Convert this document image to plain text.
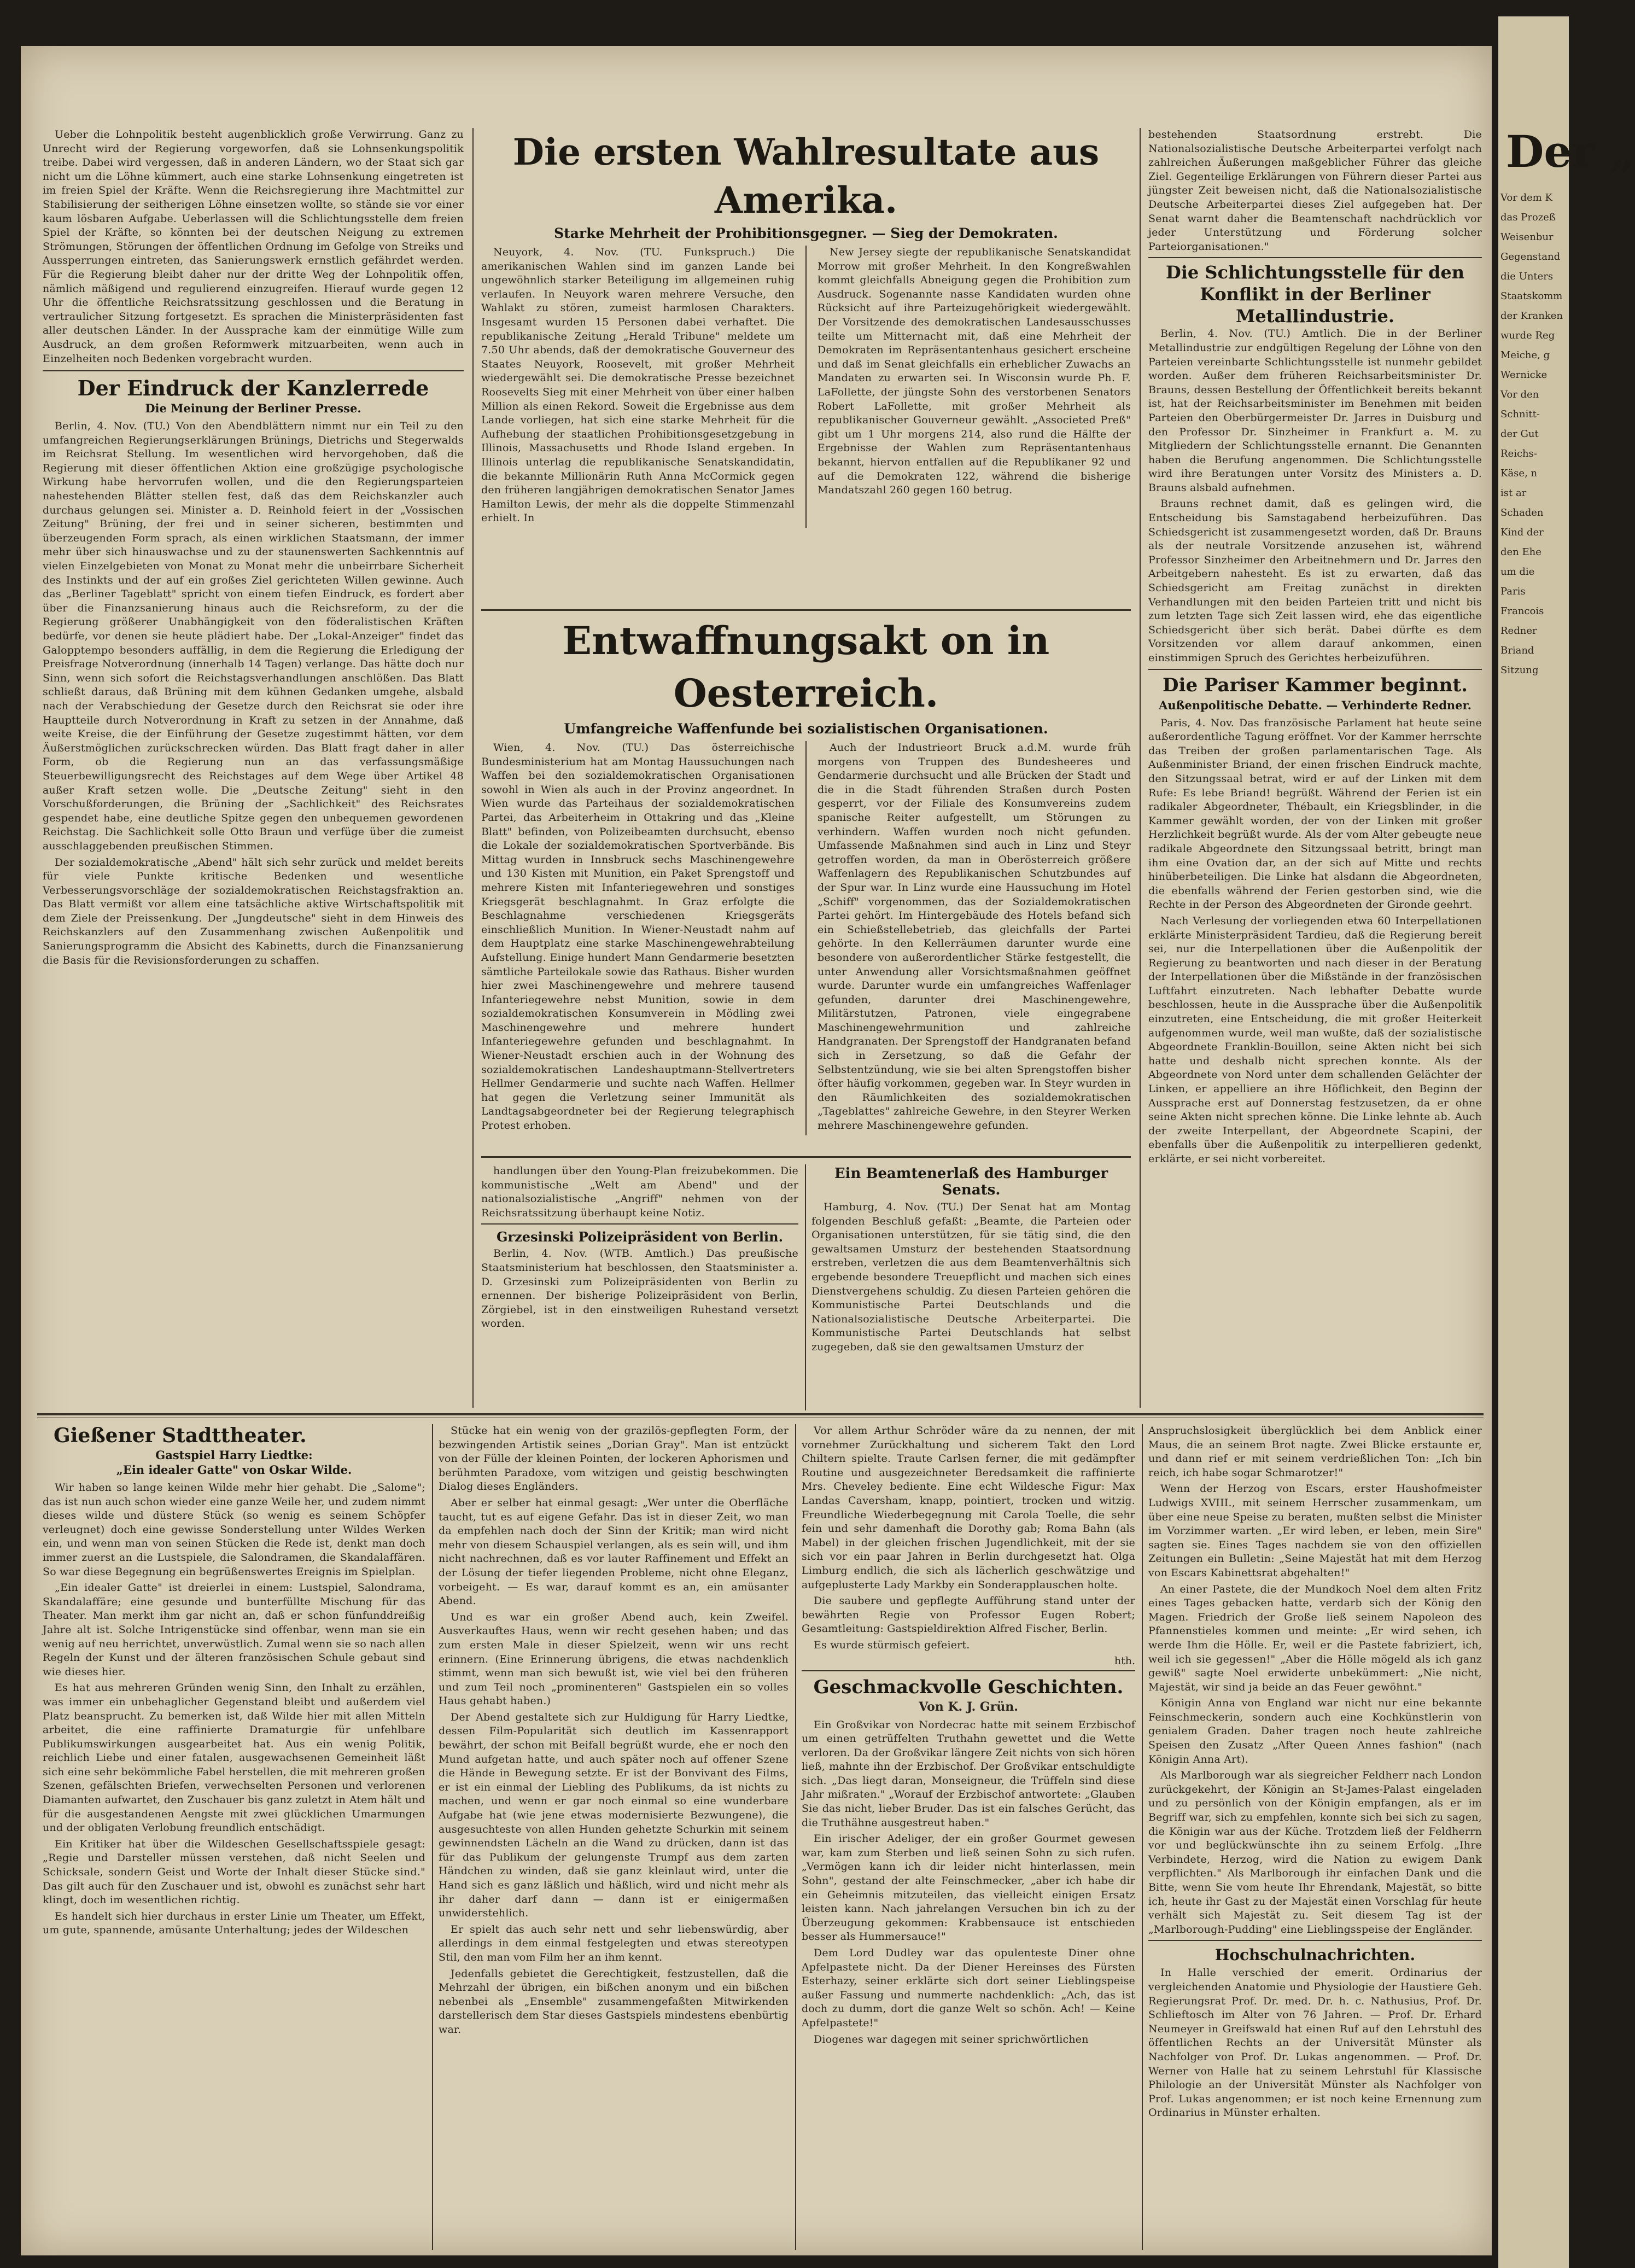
Ueber die Lohnpolitik besteht augenblicklich große Verwirrung. Ganz zu Unrecht wird der Regierung vorgeworfen, daß sie Lohnsenkungspolitik treibe. Dabei wird vergessen, daß in anderen Ländern, wo der Staat sich gar nicht um die Löhne kümmert, auch eine starke Lohnsenkung eingetreten ist im freien Spiel der Kräfte. Wenn die Reichsregierung ihre Machtmittel zur Stabilisierung der seitherigen Löhne einsetzen wollte, so stände sie vor einer kaum lösbaren Aufgabe. Ueberlassen will die Schlichtungsstelle dem freien Spiel der Kräfte, so könnten bei der deutschen Neigung zu extremen Strömungen, Störungen der öffentlichen Ordnung im Gefolge von Streiks und Aussperrungen eintreten, das Sanierungswerk ernstlich gefährdet werden. Für die Regierung bleibt daher nur der dritte Weg der Lohnpolitik offen, nämlich mäßigend und regulierend einzugreifen. Hierauf wurde gegen 12 Uhr die öffentliche Reichsratssitzung geschlossen und die Beratung in vertraulicher Sitzung fortgesetzt. Es sprachen die Ministerpräsidenten fast aller deutschen Länder. In der Aussprache kam der einmütige Wille zum Ausdruck, an dem großen Reformwerk mitzuarbeiten, wenn auch in Einzelheiten noch Bedenken vorgebracht wurden.

Der Eindruck der Kanzlerrede
Die Meinung der Berliner Presse.

Berlin, 4. Nov. (TU.) Von den Abendblättern nimmt nur ein Teil zu den umfangreichen Regierungserklärungen Brünings, Dietrichs und Stegerwalds im Reichsrat Stellung. Im wesentlichen wird hervorgehoben, daß die Regierung mit dieser öffentlichen Aktion eine großzügige psychologische Wirkung habe hervorrufen wollen, und die den Regierungsparteien nahestehenden Blätter stellen fest, daß das dem Reichskanzler auch durchaus gelungen sei. Minister a. D. Reinhold feiert in der „Vossischen Zeitung" Brüning, der frei und in seiner sicheren, bestimmten und überzeugenden Form sprach, als einen wirklichen Staatsmann, der immer mehr über sich hinauswachse und zu der staunenswerten Sachkenntnis auf vielen Einzelgebieten von Monat zu Monat mehr die unbeirrbare Sicherheit des Instinkts und der auf ein großes Ziel gerichteten Willen gewinne. Auch das „Berliner Tageblatt" spricht von einem tiefen Eindruck, es fordert aber über die Finanzsanierung hinaus auch die Reichsreform, zu der die Regierung größerer Unabhängigkeit von den föderalistischen Kräften bedürfe, vor denen sie heute plädiert habe. Der „Lokal-Anzeiger" findet das Galopptempo besonders auffällig, in dem die Regierung die Erledigung der Preisfrage Notverordnung (innerhalb 14 Tagen) verlange. Das hätte doch nur Sinn, wenn sich sofort die Reichstagsverhandlungen anschlößen. Das Blatt schließt daraus, daß Brüning mit dem kühnen Gedanken umgehe, alsbald nach der Verabschiedung der Gesetze durch den Reichsrat sie oder ihre Hauptteile durch Notverordnung in Kraft zu setzen in der Annahme, daß weite Kreise, die der Einführung der Gesetze zugestimmt hätten, vor dem Äußerstmöglichen zurückschrecken würden. Das Blatt fragt daher in aller Form, ob die Regierung nun an das verfassungsmäßige Steuerbewilligungsrecht des Reichstages auf dem Wege über Artikel 48 außer Kraft setzen wolle. Die „Deutsche Zeitung" sieht in den Vorschußforderungen, die Brüning der „Sachlichkeit" des Reichsrates gespendet habe, eine deutliche Spitze gegen den unbequemen gewordenen Reichstag. Die Sachlichkeit solle Otto Braun und verfüge über die zumeist ausschlaggebenden preußischen Stimmen.

Der sozialdemokratische „Abend" hält sich sehr zurück und meldet bereits für viele Punkte kritische Bedenken und wesentliche Verbesserungsvorschläge der sozialdemokratischen Reichstagsfraktion an. Das Blatt vermißt vor allem eine tatsächliche aktive Wirtschaftspolitik mit dem Ziele der Preissenkung. Der „Jungdeutsche" sieht in dem Hinweis des Reichskanzlers auf den Zusammenhang zwischen Außenpolitik und Sanierungsprogramm die Absicht des Kabinetts, durch die Finanzsanierung die Basis für die Revisionsforderungen zu schaffen.

Die ersten Wahlresultate aus Amerika.
Starke Mehrheit der Prohibitionsgegner. — Sieg der Demokraten.

Neuyork, 4. Nov. (TU. Funkspruch.) Die amerikanischen Wahlen sind im ganzen Lande bei ungewöhnlich starker Beteiligung im allgemeinen ruhig verlaufen. In Neuyork waren mehrere Versuche, den Wahlakt zu stören, zumeist harmlosen Charakters. Insgesamt wurden 15 Personen dabei verhaftet. Die republikanische Zeitung „Herald Tribune" meldete um 7.50 Uhr abends, daß der demokratische Gouverneur des Staates Neuyork, Roosevelt, mit großer Mehrheit wiedergewählt sei. Die demokratische Presse bezeichnet Roosevelts Sieg mit einer Mehrheit von über einer halben Million als einen Rekord. Soweit die Ergebnisse aus dem Lande vorliegen, hat sich eine starke Mehrheit für die Aufhebung der staatlichen Prohibitionsgesetzgebung in Illinois, Massachusetts und Rhode Island ergeben. In Illinois unterlag die republikanische Senatskandidatin, die bekannte Millionärin Ruth Anna McCormick gegen den früheren langjährigen demokratischen Senator James Hamilton Lewis, der mehr als die doppelte Stimmenzahl erhielt. In

New Jersey siegte der republikanische Senatskandidat Morrow mit großer Mehrheit. In den Kongreßwahlen kommt gleichfalls Abneigung gegen die Prohibition zum Ausdruck. Sogenannte nasse Kandidaten wurden ohne Rücksicht auf ihre Parteizugehörigkeit wiedergewählt. Der Vorsitzende des demokratischen Landesausschusses teilte um Mitternacht mit, daß eine Mehrheit der Demokraten im Repräsentantenhaus gesichert erscheine und daß im Senat gleichfalls ein erheblicher Zuwachs an Mandaten zu erwarten sei. In Wisconsin wurde Ph. F. LaFollette, der jüngste Sohn des verstorbenen Senators Robert LaFollette, mit großer Mehrheit als republikanischer Gouverneur gewählt. „Associeted Preß" gibt um 1 Uhr morgens 214, also rund die Hälfte der Ergebnisse der Wahlen zum Repräsentantenhaus bekannt, hiervon entfallen auf die Republikaner 92 und auf die Demokraten 122, während die bisherige Mandatszahl 260 gegen 160 betrug.

Entwaffnungsakt on in Oesterreich.
Umfangreiche Waffenfunde bei sozialistischen Organisationen.

Wien, 4. Nov. (TU.) Das österreichische Bundesministerium hat am Montag Haussuchungen nach Waffen bei den sozialdemokratischen Organisationen sowohl in Wien als auch in der Provinz angeordnet. In Wien wurde das Parteihaus der sozialdemokratischen Partei, das Arbeiterheim in Ottakring und das „Kleine Blatt" befinden, von Polizeibeamten durchsucht, ebenso die Lokale der sozialdemokratischen Sportverbände. Bis Mittag wurden in Innsbruck sechs Maschinengewehre und 130 Kisten mit Munition, ein Paket Sprengstoff und mehrere Kisten mit Infanteriegewehren und sonstiges Kriegsgerät beschlagnahmt. In Graz erfolgte die Beschlagnahme verschiedenen Kriegsgeräts einschließlich Munition. In Wiener-Neustadt nahm auf dem Hauptplatz eine starke Maschinengewehrabteilung Aufstellung. Einige hundert Mann Gendarmerie besetzten sämtliche Parteilokale sowie das Rathaus. Bisher wurden hier zwei Maschinengewehre und mehrere tausend Infanteriegewehre nebst Munition, sowie in dem sozialdemokratischen Konsumverein in Mödling zwei Maschinengewehre und mehrere hundert Infanteriegewehre gefunden und beschlagnahmt. In Wiener-Neustadt erschien auch in der Wohnung des sozialdemokratischen Landeshauptmann-Stellvertreters Hellmer Gendarmerie und suchte nach Waffen. Hellmer hat gegen die Verletzung seiner Immunität als Landtagsabgeordneter bei der Regierung telegraphisch Protest erhoben.

Auch der Industrieort Bruck a.d.M. wurde früh morgens von Truppen des Bundesheeres und Gendarmerie durchsucht und alle Brücken der Stadt und die in die Stadt führenden Straßen durch Posten gesperrt, vor der Filiale des Konsumvereins zudem spanische Reiter aufgestellt, um Störungen zu verhindern. Waffen wurden noch nicht gefunden. Umfassende Maßnahmen sind auch in Linz und Steyr getroffen worden, da man in Oberösterreich größere Waffenlagern des Republikanischen Schutzbundes auf der Spur war. In Linz wurde eine Haussuchung im Hotel „Schiff" vorgenommen, das der Sozialdemokratischen Partei gehört. Im Hintergebäude des Hotels befand sich ein Schießstellebetrieb, das gleichfalls der Partei gehörte. In den Kellerräumen darunter wurde eine besondere von außerordentlicher Stärke festgestellt, die unter Anwendung aller Vorsichtsmaßnahmen geöffnet wurde. Darunter wurde ein umfangreiches Waffenlager gefunden, darunter drei Maschinengewehre, Militärstutzen, Patronen, viele eingegrabene Maschinengewehrmunition und zahlreiche Handgranaten. Der Sprengstoff der Handgranaten befand sich in Zersetzung, so daß die Gefahr der Selbstentzündung, wie sie bei alten Sprengstoffen bisher öfter häufig vorkommen, gegeben war. In Steyr wurden in den Räumlichkeiten des sozialdemokratischen „Tageblattes" zahlreiche Gewehre, in den Steyrer Werken mehrere Maschinengewehre gefunden.

handlungen über den Young-Plan freizubekommen. Die kommunistische „Welt am Abend" und der nationalsozialistische „Angriff" nehmen von der Reichsratssitzung überhaupt keine Notiz.

Grzesinski Polizeipräsident von Berlin.

Berlin, 4. Nov. (WTB. Amtlich.) Das preußische Staatsministerium hat beschlossen, den Staatsminister a. D. Grzesinski zum Polizeipräsidenten von Berlin zu ernennen. Der bisherige Polizeipräsident von Berlin, Zörgiebel, ist in den einstweiligen Ruhestand versetzt worden.

Ein Beamtenerlaß des Hamburger Senats.

Hamburg, 4. Nov. (TU.) Der Senat hat am Montag folgenden Beschluß gefaßt: „Beamte, die Parteien oder Organisationen unterstützen, für sie tätig sind, die den gewaltsamen Umsturz der bestehenden Staatsordnung erstreben, verletzen die aus dem Beamtenverhältnis sich ergebende besondere Treuepflicht und machen sich eines Dienstvergehens schuldig. Zu diesen Parteien gehören die Kommunistische Partei Deutschlands und die Nationalsozialistische Deutsche Arbeiterpartei. Die Kommunistische Partei Deutschlands hat selbst zugegeben, daß sie den gewaltsamen Umsturz der

bestehenden Staatsordnung erstrebt. Die Nationalsozialistische Deutsche Arbeiterpartei verfolgt nach zahlreichen Äußerungen maßgeblicher Führer das gleiche Ziel. Gegenteilige Erklärungen von Führern dieser Partei aus jüngster Zeit beweisen nicht, daß die Nationalsozialistische Deutsche Arbeiterpartei dieses Ziel aufgegeben hat. Der Senat warnt daher die Beamtenschaft nachdrücklich vor jeder Unterstützung und Förderung solcher Parteiorganisationen."

Die Schlichtungsstelle für den Konflikt in der Berliner Metallindustrie.

Berlin, 4. Nov. (TU.) Amtlich. Die in der Berliner Metallindustrie zur endgültigen Regelung der Löhne von den Parteien vereinbarte Schlichtungsstelle ist nunmehr gebildet worden. Außer dem früheren Reichsarbeitsminister Dr. Brauns, dessen Bestellung der Öffentlichkeit bereits bekannt ist, hat der Reichsarbeitsminister im Benehmen mit beiden Parteien den Oberbürgermeister Dr. Jarres in Duisburg und den Professor Dr. Sinzheimer in Frankfurt a. M. zu Mitgliedern der Schlichtungsstelle ernannt. Die Genannten haben die Berufung angenommen. Die Schlichtungsstelle wird ihre Beratungen unter Vorsitz des Ministers a. D. Brauns alsbald aufnehmen.

Brauns rechnet damit, daß es gelingen wird, die Entscheidung bis Samstagabend herbeizuführen. Das Schiedsgericht ist zusammengesetzt worden, daß Dr. Brauns als der neutrale Vorsitzende anzusehen ist, während Professor Sinzheimer den Arbeitnehmern und Dr. Jarres den Arbeitgebern nahesteht. Es ist zu erwarten, daß das Schiedsgericht am Freitag zunächst in direkten Verhandlungen mit den beiden Parteien tritt und nicht bis zum letzten Tage sich Zeit lassen wird, ehe das eigentliche Schiedsgericht über sich berät. Dabei dürfte es dem Vorsitzenden vor allem darauf ankommen, einen einstimmigen Spruch des Gerichtes herbeizuführen.

Die Pariser Kammer beginnt.
Außenpolitische Debatte. — Verhinderte Redner.

Paris, 4. Nov. Das französische Parlament hat heute seine außerordentliche Tagung eröffnet. Vor der Kammer herrschte das Treiben der großen parlamentarischen Tage. Als Außenminister Briand, der einen frischen Eindruck machte, den Sitzungssaal betrat, wird er auf der Linken mit dem Rufe: Es lebe Briand! begrüßt. Während der Ferien ist ein radikaler Abgeordneter, Thébault, ein Kriegsblinder, in die Kammer gewählt worden, der von der Linken mit großer Herzlichkeit begrüßt wurde. Als der vom Alter gebeugte neue radikale Abgeordnete den Sitzungssaal betritt, bringt man ihm eine Ovation dar, an der sich auf Mitte und rechts hinüberbeteiligen. Die Linke hat alsdann die Abgeordneten, die ebenfalls während der Ferien gestorben sind, wie die Rechte in der Person des Abgeordneten der Gironde geehrt.

Nach Verlesung der vorliegenden etwa 60 Interpellationen erklärte Ministerpräsident Tardieu, daß die Regierung bereit sei, nur die Interpellationen über die Außenpolitik der Regierung zu beantworten und nach dieser in der Beratung der Interpellationen über die Mißstände in der französischen Luftfahrt einzutreten. Nach lebhafter Debatte wurde beschlossen, heute in die Aussprache über die Außenpolitik einzutreten, eine Entscheidung, die mit großer Heiterkeit aufgenommen wurde, weil man wußte, daß der sozialistische Abgeordnete Franklin-Bouillon, seine Akten nicht bei sich hatte und deshalb nicht sprechen konnte. Als der Abgeordnete von Nord unter dem schallenden Gelächter der Linken, er appelliere an ihre Höflichkeit, den Beginn der Aussprache erst auf Donnerstag festzusetzen, da er ohne seine Akten nicht sprechen könne. Die Linke lehnte ab. Auch der zweite Interpellant, der Abgeordnete Scapini, der ebenfalls über die Außenpolitik zu interpellieren gedenkt, erklärte, er sei nicht vorbereitet.

Gießener Stadttheater.
Gastspiel Harry Liedtke:
„Ein idealer Gatte" von Oskar Wilde.

Wir haben so lange keinen Wilde mehr hier gehabt. Die „Salome"; das ist nun auch schon wieder eine ganze Weile her, und zudem nimmt dieses wilde und düstere Stück (so wenig es seinem Schöpfer verleugnet) doch eine gewisse Sonderstellung unter Wildes Werken ein, und wenn man von seinen Stücken die Rede ist, denkt man doch immer zuerst an die Lustspiele, die Salondramen, die Skandalaffären. So war diese Begegnung ein begrüßenswertes Ereignis im Spielplan.

„Ein idealer Gatte" ist dreierlei in einem: Lustspiel, Salondrama, Skandalaffäre; eine gesunde und bunterfüllte Mischung für das Theater. Man merkt ihm gar nicht an, daß er schon fünfunddreißig Jahre alt ist. Solche Intrigenstücke sind offenbar, wenn man sie ein wenig auf neu herrichtet, unverwüstlich. Zumal wenn sie so nach allen Regeln der Kunst und der älteren französischen Schule gebaut sind wie dieses hier.

Es hat aus mehreren Gründen wenig Sinn, den Inhalt zu erzählen, was immer ein unbehaglicher Gegenstand bleibt und außerdem viel Platz beansprucht. Zu bemerken ist, daß Wilde hier mit allen Mitteln arbeitet, die eine raffinierte Dramaturgie für unfehlbare Publikumswirkungen ausgearbeitet hat. Aus ein wenig Politik, reichlich Liebe und einer fatalen, ausgewachsenen Gemeinheit läßt sich eine sehr bekömmliche Fabel herstellen, die mit mehreren großen Szenen, gefälschten Briefen, verwechselten Personen und verlorenen Diamanten aufwartet, den Zuschauer bis ganz zuletzt in Atem hält und für die ausgestandenen Aengste mit zwei glücklichen Umarmungen und der obligaten Verlobung freundlich entschädigt.

Ein Kritiker hat über die Wildeschen Gesellschaftsspiele gesagt: „Regie und Darsteller müssen verstehen, daß nicht Seelen und Schicksale, sondern Geist und Worte der Inhalt dieser Stücke sind." Das gilt auch für den Zuschauer und ist, obwohl es zunächst sehr hart klingt, doch im wesentlichen richtig.

Es handelt sich hier durchaus in erster Linie um Theater, um Effekt, um gute, spannende, amüsante Unterhaltung; jedes der Wildeschen

Stücke hat ein wenig von der grazilös-gepflegten Form, der bezwingenden Artistik seines „Dorian Gray". Man ist entzückt von der Fülle der kleinen Pointen, der lockeren Aphorismen und berühmten Paradoxe, vom witzigen und geistig beschwingten Dialog dieses Engländers.

Aber er selber hat einmal gesagt: „Wer unter die Oberfläche taucht, tut es auf eigene Gefahr. Das ist in dieser Zeit, wo man da empfehlen nach doch der Sinn der Kritik; man wird nicht mehr von diesem Schauspiel verlangen, als es sein will, und ihm nicht nachrechnen, daß es vor lauter Raffinement und Effekt an der Lösung der tiefer liegenden Probleme, nicht ohne Eleganz, vorbeigeht. — Es war, darauf kommt es an, ein amüsanter Abend.

Und es war ein großer Abend auch, kein Zweifel. Ausverkauftes Haus, wenn wir recht gesehen haben; und das zum ersten Male in dieser Spielzeit, wenn wir uns recht erinnern. (Eine Erinnerung übrigens, die etwas nachdenklich stimmt, wenn man sich bewußt ist, wie viel bei den früheren und zum Teil noch „prominenteren" Gastspielen ein so volles Haus gehabt haben.)

Der Abend gestaltete sich zur Huldigung für Harry Liedtke, dessen Film-Popularität sich deutlich im Kassenrapport bewährt, der schon mit Beifall begrüßt wurde, ehe er noch den Mund aufgetan hatte, und auch später noch auf offener Szene die Hände in Bewegung setzte. Er ist der Bonvivant des Films, er ist ein einmal der Liebling des Publikums, da ist nichts zu machen, und wenn er gar noch einmal so eine wunderbare Aufgabe hat (wie jene etwas modernisierte Bezwungene), die ausgesuchteste von allen Hunden gehetzte Schurkin mit seinem gewinnendsten Lächeln an die Wand zu drücken, dann ist das für das Publikum der gelungenste Trumpf aus dem zarten Händchen zu winden, daß sie ganz kleinlaut wird, unter die Hand sich es ganz läßlich und häßlich, wird und nicht mehr als ihr daher darf dann — dann ist er einigermaßen unwiderstehlich.

Er spielt das auch sehr nett und sehr liebenswürdig, aber allerdings in dem einmal festgelegten und etwas stereotypen Stil, den man vom Film her an ihm kennt.

Jedenfalls gebietet die Gerechtigkeit, festzustellen, daß die Mehrzahl der übrigen, ein bißchen anonym und ein bißchen nebenbei als „Ensemble" zusammengefaßten Mitwirkenden darstellerisch dem Star dieses Gastspiels mindestens ebenbürtig war.

Vor allem Arthur Schröder wäre da zu nennen, der mit vornehmer Zurückhaltung und sicherem Takt den Lord Chiltern spielte. Traute Carlsen ferner, die mit gedämpfter Routine und ausgezeichneter Beredsamkeit die raffinierte Mrs. Cheveley bediente. Eine echt Wildesche Figur: Max Landas Caversham, knapp, pointiert, trocken und witzig. Freundliche Wiederbegegnung mit Carola Toelle, die sehr fein und sehr damenhaft die Dorothy gab; Roma Bahn (als Mabel) in der gleichen frischen Jugendlichkeit, mit der sie sich vor ein paar Jahren in Berlin durchgesetzt hat. Olga Limburg endlich, die sich als lächerlich geschwätzige und aufgeplusterte Lady Markby ein Sonderapplauschen holte.

Die saubere und gepflegte Aufführung stand unter der bewährten Regie von Professor Eugen Robert; Gesamtleitung: Gastspieldirektion Alfred Fischer, Berlin.

Es wurde stürmisch gefeiert.

hth.
Geschmackvolle Geschichten.
Von K. J. Grün.

Ein Großvikar von Nordecrac hatte mit seinem Erzbischof um einen getrüffelten Truthahn gewettet und die Wette verloren. Da der Großvikar längere Zeit nichts von sich hören ließ, mahnte ihn der Erzbischof. Der Großvikar entschuldigte sich. „Das liegt daran, Monseigneur, die Trüffeln sind diese Jahr mißraten." „Worauf der Erzbischof antwortete: „Glauben Sie das nicht, lieber Bruder. Das ist ein falsches Gerücht, das die Truthähne ausgestreut haben."

Ein irischer Adeliger, der ein großer Gourmet gewesen war, kam zum Sterben und ließ seinen Sohn zu sich rufen. „Vermögen kann ich dir leider nicht hinterlassen, mein Sohn", gestand der alte Feinschmecker, „aber ich habe dir ein Geheimnis mitzuteilen, das vielleicht einigen Ersatz leisten kann. Nach jahrelangen Versuchen bin ich zu der Überzeugung gekommen: Krabbensauce ist entschieden besser als Hummersauce!"

Dem Lord Dudley war das opulenteste Diner ohne Apfelpastete nicht. Da der Diener Hereinses des Fürsten Esterhazy, seiner erklärte sich dort seiner Lieblingspeise außer Fassung und nummerte nachdenklich: „Ach, das ist doch zu dumm, dort die ganze Welt so schön. Ach! — Keine Apfelpastete!"

Diogenes war dagegen mit seiner sprichwörtlichen

Anspruchslosigkeit überglücklich bei dem Anblick einer Maus, die an seinem Brot nagte. Zwei Blicke erstaunte er, und dann rief er mit seinem verdrießlichen Ton: „Ich bin reich, ich habe sogar Schmarotzer!"

Wenn der Herzog von Escars, erster Haushofmeister Ludwigs XVIII., mit seinem Herrscher zusammenkam, um über eine neue Speise zu beraten, mußten selbst die Minister im Vorzimmer warten. „Er wird leben, er leben, mein Sire" sagten sie. Eines Tages nachdem sie von den offiziellen Zeitungen ein Bulletin: „Seine Majestät hat mit dem Herzog von Escars Kabinettsrat abgehalten!"

An einer Pastete, die der Mundkoch Noel dem alten Fritz eines Tages gebacken hatte, verdarb sich der König den Magen. Friedrich der Große ließ seinem Napoleon des Pfannenstieles kommen und meinte: „Er wird sehen, ich werde Ihm die Hölle. Er, weil er die Pastete fabriziert, ich, weil ich sie gegessen!" „Aber die Hölle mögeld als ich ganz gewiß" sagte Noel erwiderte unbekümmert: „Nie nicht, Majestät, wir sind ja beide an das Feuer gewöhnt."

Königin Anna von England war nicht nur eine bekannte Feinschmeckerin, sondern auch eine Kochkünstlerin von genialem Graden. Daher tragen noch heute zahlreiche Speisen den Zusatz „After Queen Annes fashion" (nach Königin Anna Art).

Als Marlborough war als siegreicher Feldherr nach London zurückgekehrt, der Königin an St-James-Palast eingeladen und zu persönlich von der Königin empfangen, als er im Begriff war, sich zu empfehlen, konnte sich bei sich zu sagen, die Königin war aus der Küche. Trotzdem ließ der Feldherrn vor und beglückwünschte ihn zu seinem Erfolg. „Ihre Verbindete, Herzog, wird die Nation zu ewigem Dank verpflichten." Als Marlborough ihr einfachen Dank und die Bitte, wenn Sie vom heute Ihr Ehrendank, Majestät, so bitte ich, heute ihr Gast zu der Majestät einen Vorschlag für heute verhält sich Majestät zu. Seit diesem Tag ist der „Marlborough-Pudding" eine Lieblingsspeise der Engländer.

Hochschulnachrichten.

In Halle verschied der emerit. Ordinarius der vergleichenden Anatomie und Physiologie der Haustiere Geh. Regierungsrat Prof. Dr. med. Dr. h. c. Nathusius, Prof. Dr. Schlieftosch im Alter von 76 Jahren. — Prof. Dr. Erhard Neumeyer in Greifswald hat einen Ruf auf den Lehrstuhl des öffentlichen Rechts an der Universität Münster als Nachfolger von Prof. Dr. Lukas angenommen. — Prof. Dr. Werner von Halle hat zu seinem Lehrstuhl für Klassische Philologie an der Universität Münster als Nachfolger von Prof. Lukas angenommen; er ist noch keine Ernennung zum Ordinarius in Münster erhalten.

Der „
Vor dem K
das Prozeß
Weisenbur
Gegenstand
die Unters
Staatskomm
der Kranken
wurde Reg
Meiche, g
Wernicke
Vor den
Schnitt-
der Gut
Reichs-
Käse, n
ist ar
Schaden
Kind der
den Ehe
um die
Paris
Francois
Redner
Briand
Sitzung
